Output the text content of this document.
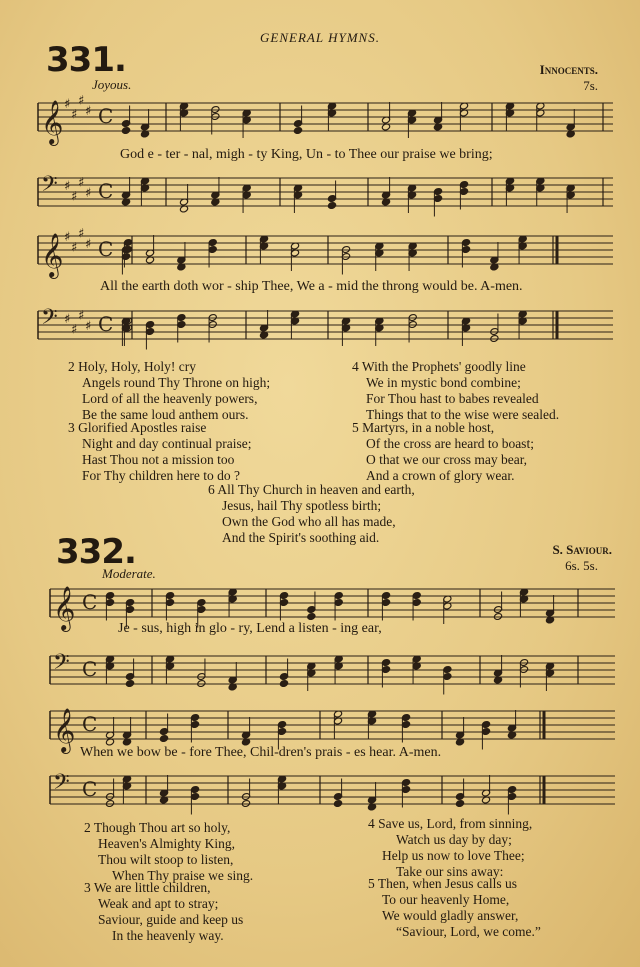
GENERAL HYMNS.
331.	Innocents.
7s.
Joyous.
𝄞 ♯
♯
♯
♯ C
God e - ter - nal, migh - ty King, Un - to Thee our praise we bring;
𝄢 ♯
♯
♯
♯ C
𝄞 ♯
♯
♯
♯ C
All the earth doth wor - ship Thee, We a - mid the throng would be. A-men.
𝄢 ♯
♯
♯
♯ C
2 Holy, Holy, Holy! cry
Angels round Thy Throne on high;
Lord of all the heavenly powers,
Be the same loud anthem ours.
3 Glorified Apostles raise
Night and day continual praise;
Hast Thou not a mission too
For Thy children here to do ?
4 With the Prophets' goodly line
We in mystic bond combine;
For Thou hast to babes revealed
Things that to the wise were sealed.
5 Martyrs, in a noble host,
Of the cross are heard to boast;
O that we our cross may bear,
And a crown of glory wear.
6 All Thy Church in heaven and earth,
Jesus, hail Thy spotless birth;
Own the God who all has made,
And the Spirit's soothing aid.
332.	S. Saviour.
6s. 5s.
Moderate.
𝄞 C
Je - sus, high in glo - ry, Lend a listen - ing ear,
𝄢 C
𝄞 C
When we bow be - fore Thee, Chil-dren's prais - es hear. A-men.
𝄢 C
2 Though Thou art so holy,
Heaven's Almighty King,
Thou wilt stoop to listen,
When Thy praise we sing.
3 We are little children,
Weak and apt to stray;
Saviour, guide and keep us
In the heavenly way.
4 Save us, Lord, from sinning,
Watch us day by day;
Help us now to love Thee;
Take our sins away:
5 Then, when Jesus calls us
To our heavenly Home,
We would gladly answer,
“Saviour, Lord, we come.”
